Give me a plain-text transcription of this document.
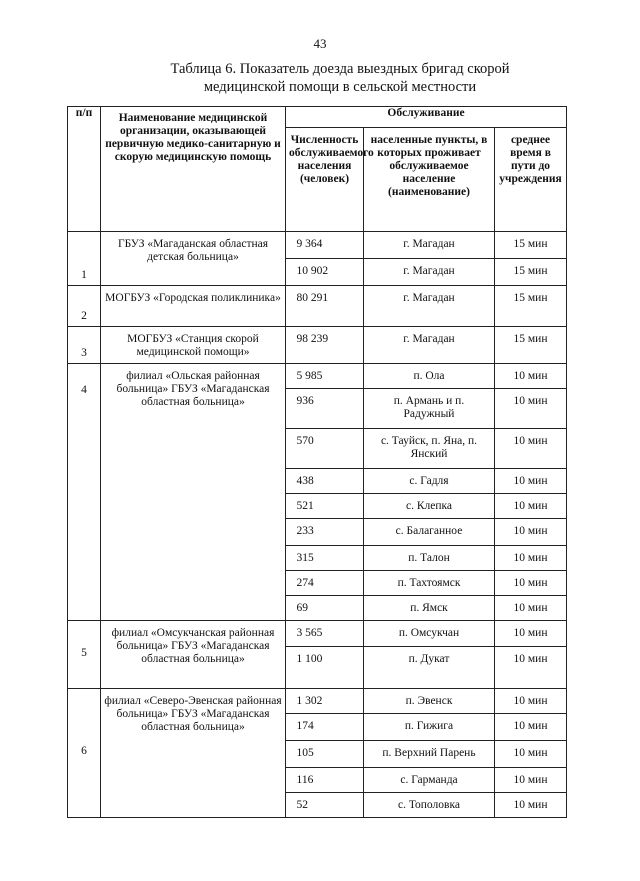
43
Таблица 6. Показатель доезда выездных бригад скорой
медицинской помощи в сельской местности
п/п	Наименование медицинской организации, оказывающей первичную медико-санитарную и скорую медицинскую помощь	Обслуживание		
		Численность обслуживаемого населения (человек)	населенные пункты, в которых проживает обслуживаемое население (наименование)	среднее время в пути до учреждения
1	ГБУЗ «Магаданская областная детская больница»	9 364	г. Магадан	15 мин
		10 902	г. Магадан	15 мин
2	МОГБУЗ «Городская поликлиника»	80 291	г. Магадан	15 мин
3	МОГБУЗ «Станция скорой медицинской помощи»	98 239	г. Магадан	15 мин
4	филиал «Ольская районная больница» ГБУЗ «Магаданская областная больница»	5 985	п. Ола	10 мин
		936	п. Армань и п. Радужный	10 мин
		570	с. Тауйск, п. Яна, п. Янский	10 мин
		438	с. Гадля	10 мин
		521	с. Клепка	10 мин
		233	с. Балаганное	10 мин
		315	п. Талон	10 мин
		274	п. Тахтоямск	10 мин
		69	п. Ямск	10 мин
5	филиал «Омсукчанская районная больница» ГБУЗ «Магаданская областная больница»	3 565	п. Омсукчан	10 мин
		1 100	п. Дукат	10 мин
6	филиал «Северо-Эвенская районная больница» ГБУЗ «Магаданская областная больница»	1 302	п. Эвенск	10 мин
		174	п. Гижига	10 мин
		105	п. Верхний Парень	10 мин
		116	с. Гарманда	10 мин
		52	с. Тополовка	10 мин
